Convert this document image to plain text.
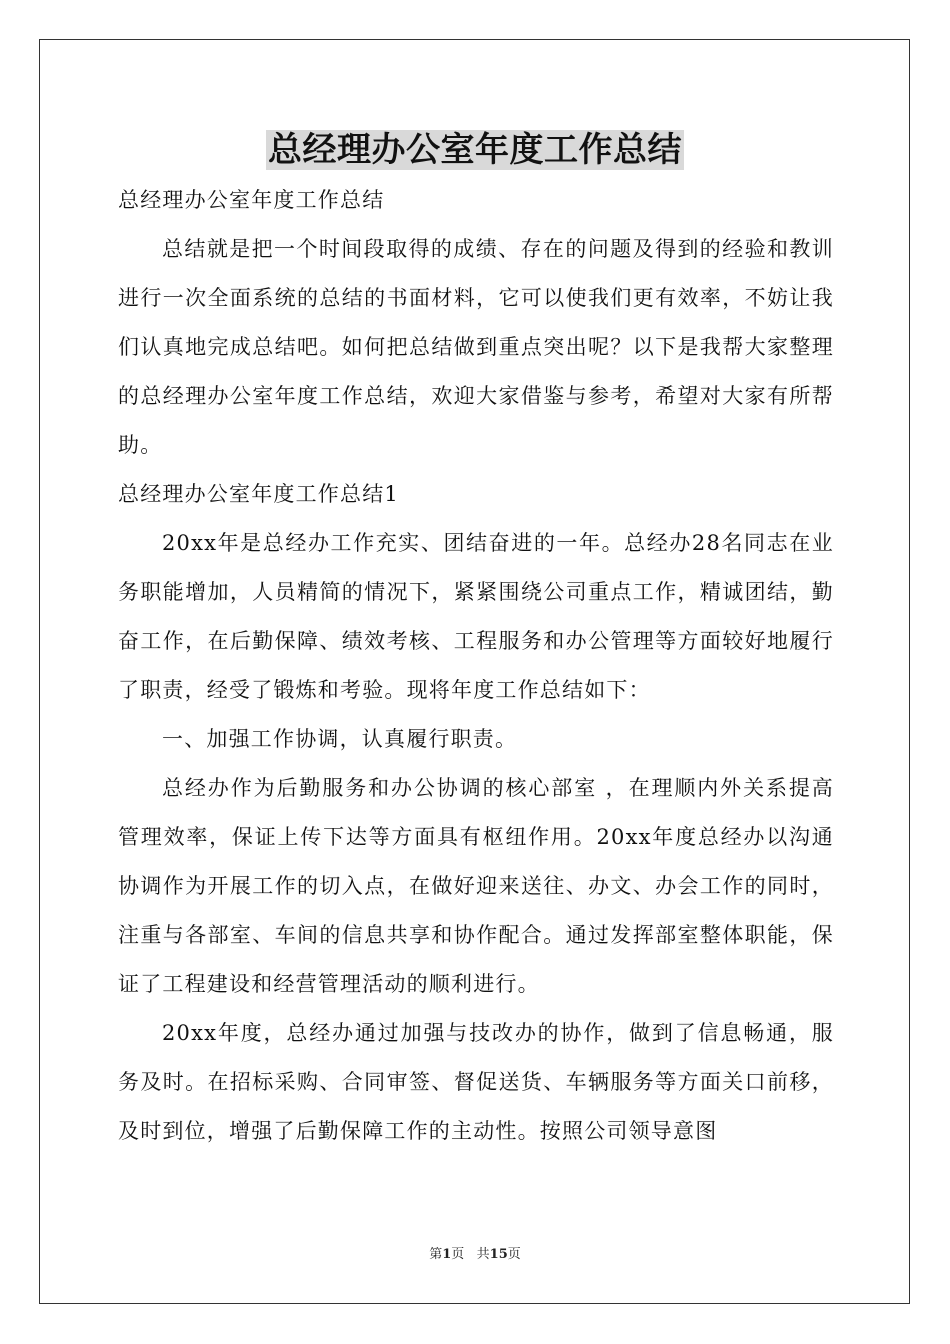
总经理办公室年度工作总结

总经理办公室年度工作总结

总结就是把一个时间段取得的成绩、存在的问题及得到的经验和教训进行一次全面系统的总结的书面材料，它可以使我们更有效率，不妨让我们认真地完成总结吧。如何把总结做到重点突出呢？以下是我帮大家整理的总经理办公室年度工作总结，欢迎大家借鉴与参考，希望对大家有所帮助。

总经理办公室年度工作总结1

20xx年是总经办工作充实、团结奋进的一年。总经办28名同志在业务职能增加，人员精简的情况下，紧紧围绕公司重点工作，精诚团结，勤奋工作，在后勤保障、绩效考核、工程服务和办公管理等方面较好地履行了职责，经受了锻炼和考验。现将年度工作总结如下：

一、加强工作协调，认真履行职责。

总经办作为后勤服务和办公协调的核心部室 ，在理顺内外关系提高管理效率，保证上传下达等方面具有枢纽作用。20xx年度总经办以沟通协调作为开展工作的切入点，在做好迎来送往、办文、办会工作的同时，注重与各部室、车间的信息共享和协作配合。通过发挥部室整体职能，保证了工程建设和经营管理活动的顺利进行。

20xx年度，总经办通过加强与技改办的协作，做到了信息畅通，服务及时。在招标采购、合同审签、督促送货、车辆服务等方面关口前移，及时到位，增强了后勤保障工作的主动性。按照公司领导意图

第1页   共15页
